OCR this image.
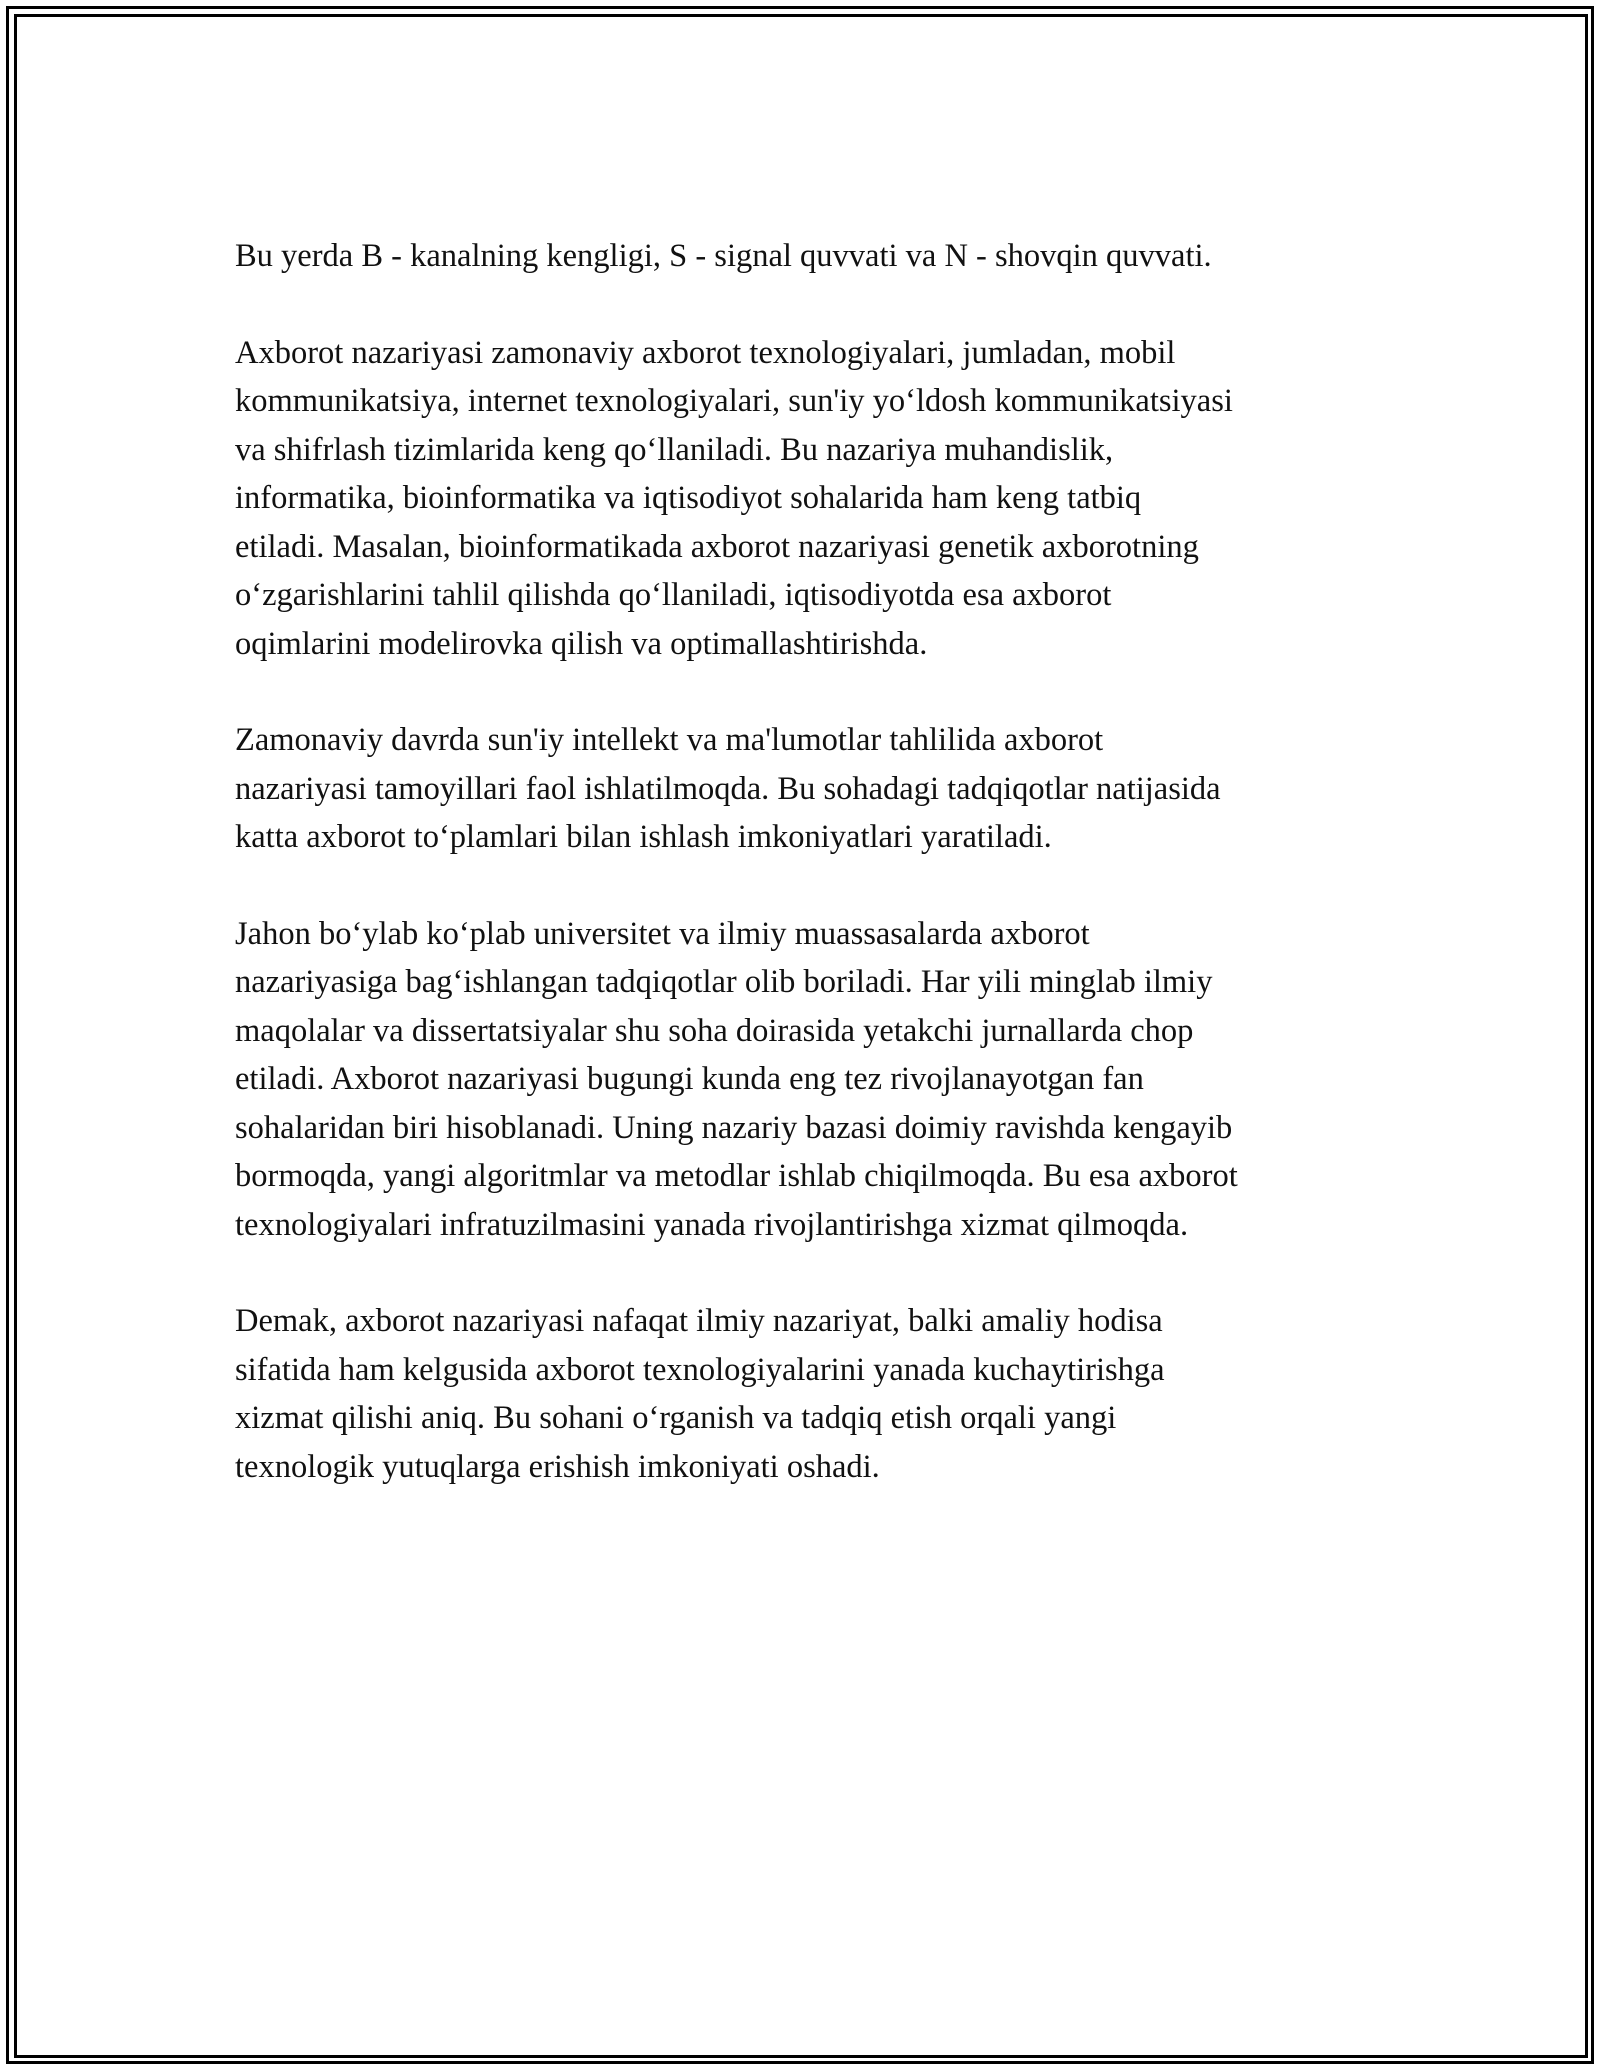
Bu yerda B - kanalning kengligi, S - signal quvvati va N - shovqin quvvati.

Axborot nazariyasi zamonaviy axborot texnologiyalari, jumladan, mobil
kommunikatsiya, internet texnologiyalari, sun'iy yo‘ldosh kommunikatsiyasi
va shifrlash tizimlarida keng qo‘llaniladi. Bu nazariya muhandislik,
informatika, bioinformatika va iqtisodiyot sohalarida ham keng tatbiq
etiladi. Masalan, bioinformatikada axborot nazariyasi genetik axborotning
o‘zgarishlarini tahlil qilishda qo‘llaniladi, iqtisodiyotda esa axborot
oqimlarini modelirovka qilish va optimallashtirishda.

Zamonaviy davrda sun'iy intellekt va ma'lumotlar tahlilida axborot
nazariyasi tamoyillari faol ishlatilmoqda. Bu sohadagi tadqiqotlar natijasida
katta axborot to‘plamlari bilan ishlash imkoniyatlari yaratiladi.

Jahon bo‘ylab ko‘plab universitet va ilmiy muassasalarda axborot
nazariyasiga bag‘ishlangan tadqiqotlar olib boriladi. Har yili minglab ilmiy
maqolalar va dissertatsiyalar shu soha doirasida yetakchi jurnallarda chop
etiladi. Axborot nazariyasi bugungi kunda eng tez rivojlanayotgan fan
sohalaridan biri hisoblanadi. Uning nazariy bazasi doimiy ravishda kengayib
bormoqda, yangi algoritmlar va metodlar ishlab chiqilmoqda. Bu esa axborot
texnologiyalari infratuzilmasini yanada rivojlantirishga xizmat qilmoqda.

Demak, axborot nazariyasi nafaqat ilmiy nazariyat, balki amaliy hodisa
sifatida ham kelgusida axborot texnologiyalarini yanada kuchaytirishga
xizmat qilishi aniq. Bu sohani o‘rganish va tadqiq etish orqali yangi
texnologik yutuqlarga erishish imkoniyati oshadi.
